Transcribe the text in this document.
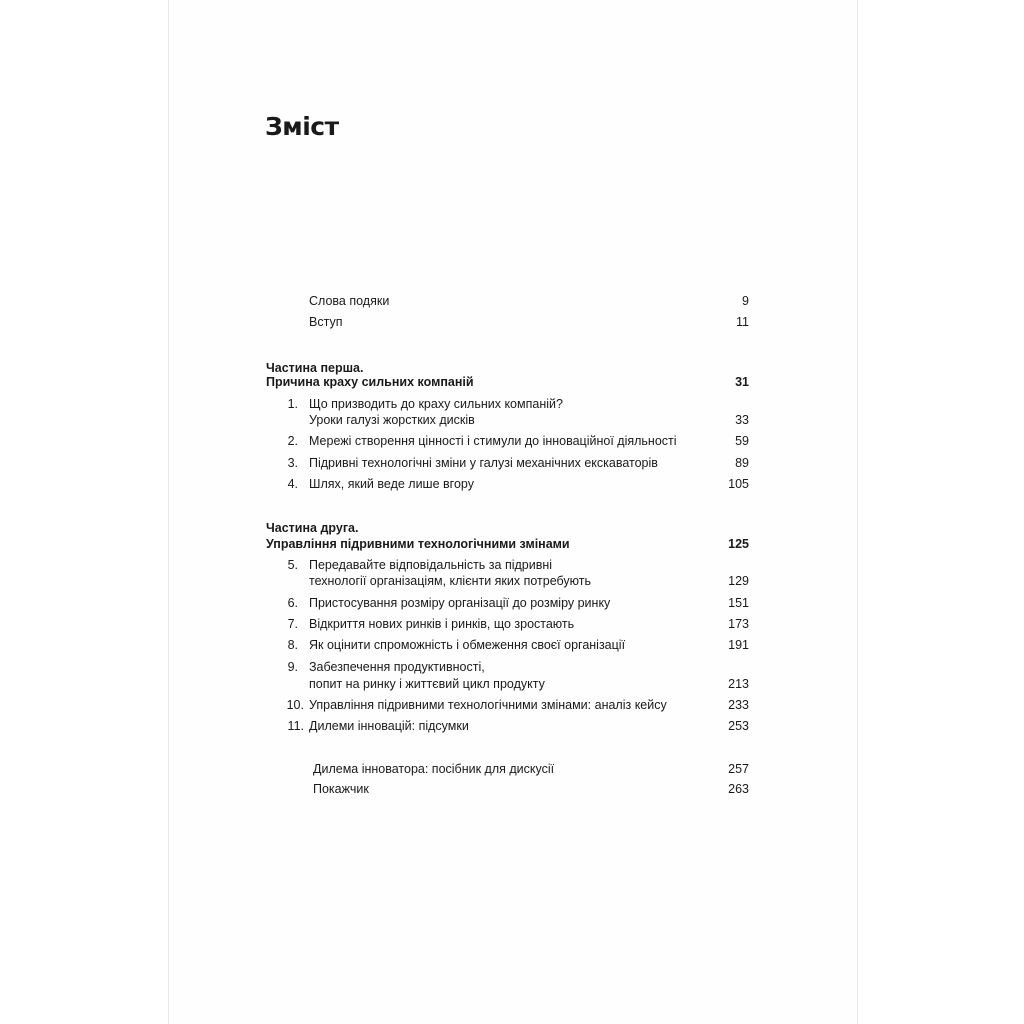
Зміст
Слова подяки	9
Вступ	11
Частина перша.
Причина краху сильних компаній	31
1. Що призводить до краху сильних компаній?
Уроки галузі жорстких дисків	33
2. Мережі створення цінності і стимули до інноваційної діяльності	59
3. Підривні технологічні зміни у галузі механічних екскаваторів	89
4. Шлях, який веде лише вгору	105
Частина друга.
Управління підривними технологічними змінами	125
5. Передавайте відповідальність за підривні
технології організаціям, клієнти яких потребують	129
6. Пристосування розміру організації до розміру ринку	151
7. Відкриття нових ринків і ринків, що зростають	173
8. Як оцінити спроможність і обмеження своєї організації	191
9. Забезпечення продуктивності,
попит на ринку і життєвий цикл продукту	213
10. Управління підривними технологічними змінами: аналіз кейсу	233
11. Дилеми інновацій: підсумки	253
Дилема інноватора: посібник для дискусії	257
Покажчик	263
